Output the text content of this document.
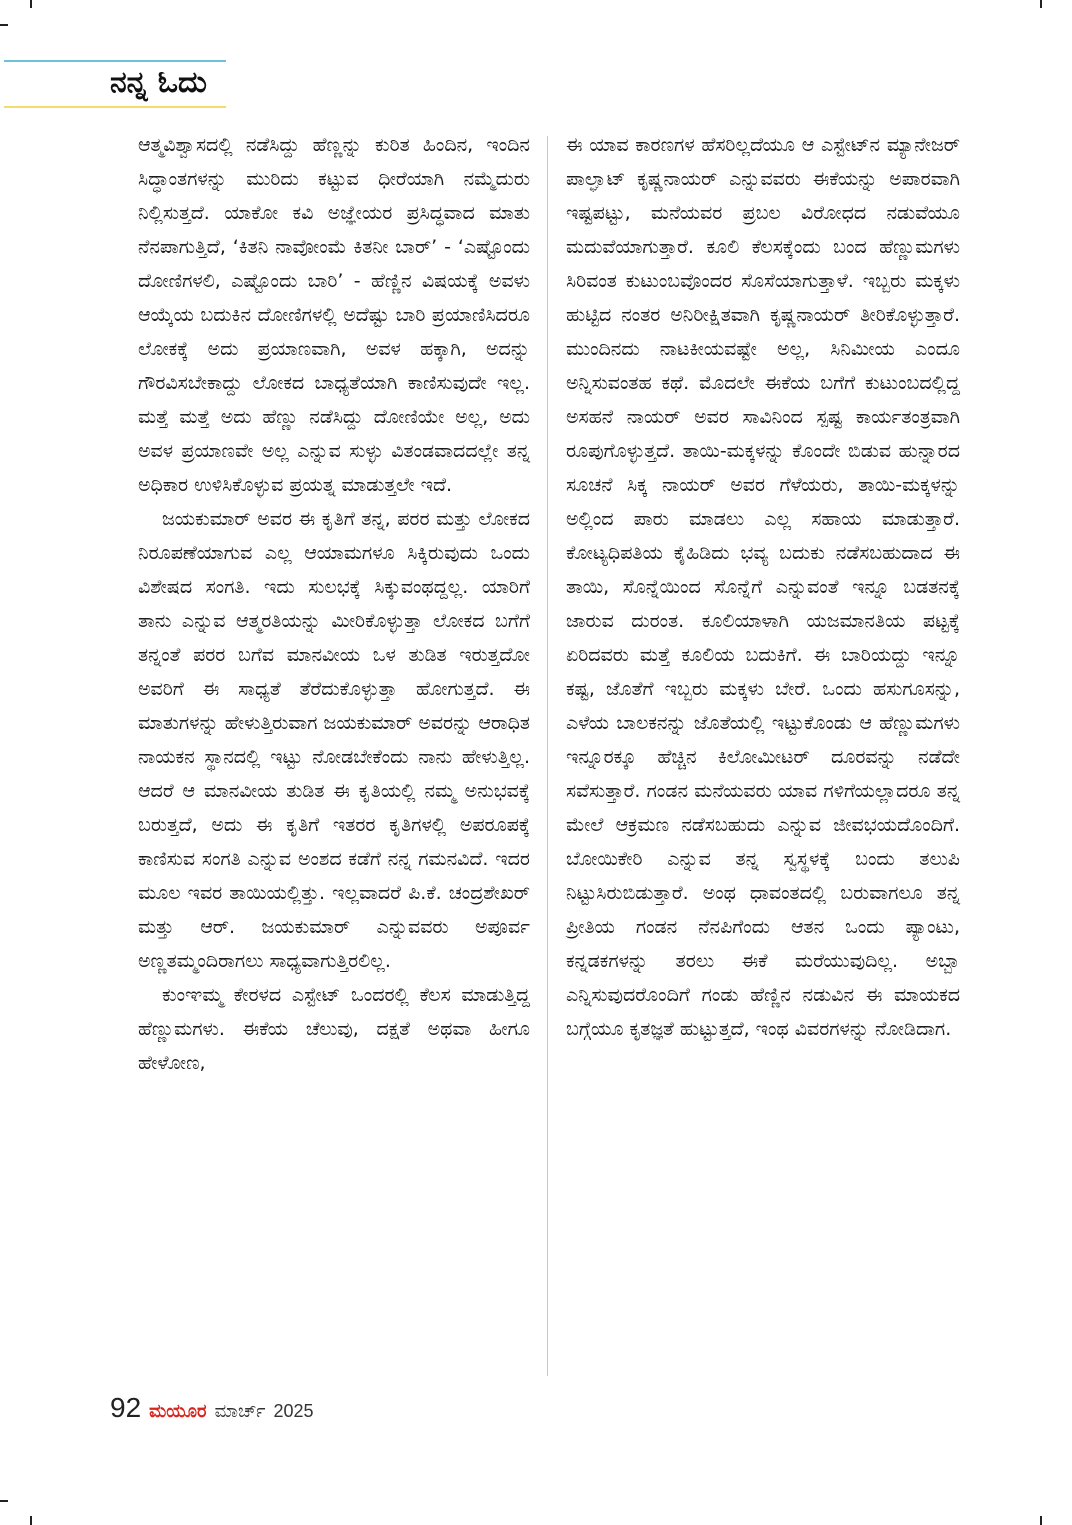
ನನ್ನ ಓದು

ಆತ್ಮವಿಶ್ವಾಸದಲ್ಲಿ ನಡೆಸಿದ್ದು ಹೆಣ್ಣನ್ನು ಕುರಿತ ಹಿಂದಿನ, ಇಂದಿನ ಸಿದ್ಧಾಂತಗಳನ್ನು ಮುರಿದು ಕಟ್ಟುವ ಧೀರೆಯಾಗಿ ನಮ್ಮೆದುರು ನಿಲ್ಲಿಸುತ್ತದೆ. ಯಾಕೋ ಕವಿ ಅಜ್ಞೇಯರ ಪ್ರಸಿದ್ಧವಾದ ಮಾತು ನೆನಪಾಗುತ್ತಿದೆ, ‘ಕಿತನಿ ನಾವೋಂಮೆ ಕಿತನೀ ಬಾರ್’ - ‘ಎಷ್ಟೊಂದು ದೋಣಿಗಳಲಿ, ಎಷ್ಟೊಂದು ಬಾರಿ’ - ಹೆಣ್ಣಿನ ವಿಷಯಕ್ಕೆ ಅವಳು ಆಯ್ಕೆಯ ಬದುಕಿನ ದೋಣಿಗಳಲ್ಲಿ ಅದೆಷ್ಟು ಬಾರಿ ಪ್ರಯಾಣಿಸಿದರೂ ಲೋಕಕ್ಕೆ ಅದು ಪ್ರಯಾಣವಾಗಿ, ಅವಳ ಹಕ್ಕಾಗಿ, ಅದನ್ನು ಗೌರವಿಸಬೇಕಾದ್ದು ಲೋಕದ ಬಾಧ್ಯತೆಯಾಗಿ ಕಾಣಿಸುವುದೇ ಇಲ್ಲ. ಮತ್ತೆ ಮತ್ತೆ ಅದು ಹೆಣ್ಣು ನಡೆಸಿದ್ದು ದೋಣಿಯೇ ಅಲ್ಲ, ಅದು ಅವಳ ಪ್ರಯಾಣವೇ ಅಲ್ಲ ಎನ್ನುವ ಸುಳ್ಳು ವಿತಂಡವಾದದಲ್ಲೇ ತನ್ನ ಅಧಿಕಾರ ಉಳಿಸಿಕೊಳ್ಳುವ ಪ್ರಯತ್ನ ಮಾಡುತ್ತಲೇ ಇದೆ.

ಜಯಕುಮಾರ್ ಅವರ ಈ ಕೃತಿಗೆ ತನ್ನ, ಪರರ ಮತ್ತು ಲೋಕದ ನಿರೂಪಣೆಯಾಗುವ ಎಲ್ಲ ಆಯಾಮಗಳೂ ಸಿಕ್ಕಿರುವುದು ಒಂದು ವಿಶೇಷದ ಸಂಗತಿ. ಇದು ಸುಲಭಕ್ಕೆ ಸಿಕ್ಕುವಂಥದ್ದಲ್ಲ. ಯಾರಿಗೆ ತಾನು ಎನ್ನುವ ಆತ್ಮರತಿಯನ್ನು ಮೀರಿಕೊಳ್ಳುತ್ತಾ ಲೋಕದ ಬಗೆಗೆ ತನ್ನಂತೆ ಪರರ ಬಗೆವ ಮಾನವೀಯ ಒಳ ತುಡಿತ ಇರುತ್ತದೋ ಅವರಿಗೆ ಈ ಸಾಧ್ಯತೆ ತೆರೆದುಕೊಳ್ಳುತ್ತಾ ಹೋಗುತ್ತದೆ. ಈ ಮಾತುಗಳನ್ನು ಹೇಳುತ್ತಿರುವಾಗ ಜಯಕುಮಾರ್ ಅವರನ್ನು ಆರಾಧಿತ ನಾಯಕನ ಸ್ಥಾನದಲ್ಲಿ ಇಟ್ಟು ನೋಡಬೇಕೆಂದು ನಾನು ಹೇಳುತ್ತಿಲ್ಲ. ಆದರೆ ಆ ಮಾನವೀಯ ತುಡಿತ ಈ ಕೃತಿಯಲ್ಲಿ ನಮ್ಮ ಅನುಭವಕ್ಕೆ ಬರುತ್ತದೆ, ಅದು ಈ ಕೃತಿಗೆ ಇತರರ ಕೃತಿಗಳಲ್ಲಿ ಅಪರೂಪಕ್ಕೆ ಕಾಣಿಸುವ ಸಂಗತಿ ಎನ್ನುವ ಅಂಶದ ಕಡೆಗೆ ನನ್ನ ಗಮನವಿದೆ. ಇದರ ಮೂಲ ಇವರ ತಾಯಿಯಲ್ಲಿತ್ತು. ಇಲ್ಲವಾದರೆ ಪಿ.ಕೆ. ಚಂದ್ರಶೇಖರ್ ಮತ್ತು ಆರ್. ಜಯಕುಮಾರ್ ಎನ್ನುವವರು ಅಪೂರ್ವ ಅಣ್ಣತಮ್ಮಂದಿರಾಗಲು ಸಾಧ್ಯವಾಗುತ್ತಿರಲಿಲ್ಲ.

ಕುಂಞಮ್ಮ ಕೇರಳದ ಎಸ್ಟೇಟ್ ಒಂದರಲ್ಲಿ ಕೆಲಸ ಮಾಡುತ್ತಿದ್ದ ಹೆಣ್ಣುಮಗಳು. ಈಕೆಯ ಚೆಲುವು, ದಕ್ಷತೆ ಅಥವಾ ಹೀಗೂ ಹೇಳೋಣ,

ಈ ಯಾವ ಕಾರಣಗಳ ಹೆಸರಿಲ್ಲದೆಯೂ ಆ ಎಸ್ಟೇಟ್‌ನ ಮ್ಯಾನೇಜರ್ ಪಾಲ್ಘಾಟ್ ಕೃಷ್ಣನಾಯರ್ ಎನ್ನುವವರು ಈಕೆಯನ್ನು ಅಪಾರವಾಗಿ ಇಷ್ಟಪಟ್ಟು, ಮನೆಯವರ ಪ್ರಬಲ ವಿರೋಧದ ನಡುವೆಯೂ ಮದುವೆಯಾಗುತ್ತಾರೆ. ಕೂಲಿ ಕೆಲಸಕ್ಕೆಂದು ಬಂದ ಹೆಣ್ಣುಮಗಳು ಸಿರಿವಂತ ಕುಟುಂಬವೊಂದರ ಸೊಸೆಯಾಗುತ್ತಾಳೆ. ಇಬ್ಬರು ಮಕ್ಕಳು ಹುಟ್ಟಿದ ನಂತರ ಅನಿರೀಕ್ಷಿತವಾಗಿ ಕೃಷ್ಣನಾಯರ್ ತೀರಿಕೊಳ್ಳುತ್ತಾರೆ. ಮುಂದಿನದು ನಾಟಕೀಯವಷ್ಟೇ ಅಲ್ಲ, ಸಿನಿಮೀಯ ಎಂದೂ ಅನ್ನಿಸುವಂತಹ ಕಥೆ. ಮೊದಲೇ ಈಕೆಯ ಬಗೆಗೆ ಕುಟುಂಬದಲ್ಲಿದ್ದ ಅಸಹನೆ ನಾಯರ್ ಅವರ ಸಾವಿನಿಂದ ಸ್ಪಷ್ಟ ಕಾರ್ಯತಂತ್ರವಾಗಿ ರೂಪುಗೊಳ್ಳುತ್ತದೆ. ತಾಯಿ-ಮಕ್ಕಳನ್ನು ಕೊಂದೇ ಬಿಡುವ ಹುನ್ನಾರದ ಸೂಚನೆ ಸಿಕ್ಕ ನಾಯರ್ ಅವರ ಗೆಳೆಯರು, ತಾಯಿ-ಮಕ್ಕಳನ್ನು ಅಲ್ಲಿಂದ ಪಾರು ಮಾಡಲು ಎಲ್ಲ ಸಹಾಯ ಮಾಡುತ್ತಾರೆ. ಕೋಟ್ಯಧಿಪತಿಯ ಕೈಹಿಡಿದು ಭವ್ಯ ಬದುಕು ನಡೆಸಬಹುದಾದ ಈ ತಾಯಿ, ಸೊನ್ನೆಯಿಂದ ಸೊನ್ನೆಗೆ ಎನ್ನುವಂತೆ ಇನ್ನೂ ಬಡತನಕ್ಕೆ ಜಾರುವ ದುರಂತ. ಕೂಲಿಯಾಳಾಗಿ ಯಜಮಾನತಿಯ ಪಟ್ಟಕ್ಕೆ ಏರಿದವರು ಮತ್ತೆ ಕೂಲಿಯ ಬದುಕಿಗೆ. ಈ ಬಾರಿಯದ್ದು ಇನ್ನೂ ಕಷ್ಟ, ಜೊತೆಗೆ ಇಬ್ಬರು ಮಕ್ಕಳು ಬೇರೆ. ಒಂದು ಹಸುಗೂಸನ್ನು, ಎಳೆಯ ಬಾಲಕನನ್ನು ಜೊತೆಯಲ್ಲಿ ಇಟ್ಟುಕೊಂಡು ಆ ಹೆಣ್ಣುಮಗಳು ಇನ್ನೂರಕ್ಕೂ ಹೆಚ್ಚಿನ ಕಿಲೋಮೀಟರ್ ದೂರವನ್ನು ನಡೆದೇ ಸವೆಸುತ್ತಾರೆ. ಗಂಡನ ಮನೆಯವರು ಯಾವ ಗಳಿಗೆಯಲ್ಲಾದರೂ ತನ್ನ ಮೇಲೆ ಆಕ್ರಮಣ ನಡೆಸಬಹುದು ಎನ್ನುವ ಜೀವಭಯದೊಂದಿಗೆ. ಬೋಯಿಕೇರಿ ಎನ್ನುವ ತನ್ನ ಸ್ವಸ್ಥಳಕ್ಕೆ ಬಂದು ತಲುಪಿ ನಿಟ್ಟುಸಿರುಬಿಡುತ್ತಾರೆ. ಅಂಥ ಧಾವಂತದಲ್ಲಿ ಬರುವಾಗಲೂ ತನ್ನ ಪ್ರೀತಿಯ ಗಂಡನ ನೆನಪಿಗೆಂದು ಆತನ ಒಂದು ಪ್ಯಾಂಟು, ಕನ್ನಡಕಗಳನ್ನು ತರಲು ಈಕೆ ಮರೆಯುವುದಿಲ್ಲ. ಅಬ್ಬಾ ಎನ್ನಿಸುವುದರೊಂದಿಗೆ ಗಂಡು ಹೆಣ್ಣಿನ ನಡುವಿನ ಈ ಮಾಯಕದ ಬಗ್ಗೆಯೂ ಕೃತಜ್ಞತೆ ಹುಟ್ಟುತ್ತದೆ, ಇಂಥ ವಿವರಗಳನ್ನು ನೋಡಿದಾಗ.

92 ಮಯೂರ ಮಾರ್ಚ್ 2025
